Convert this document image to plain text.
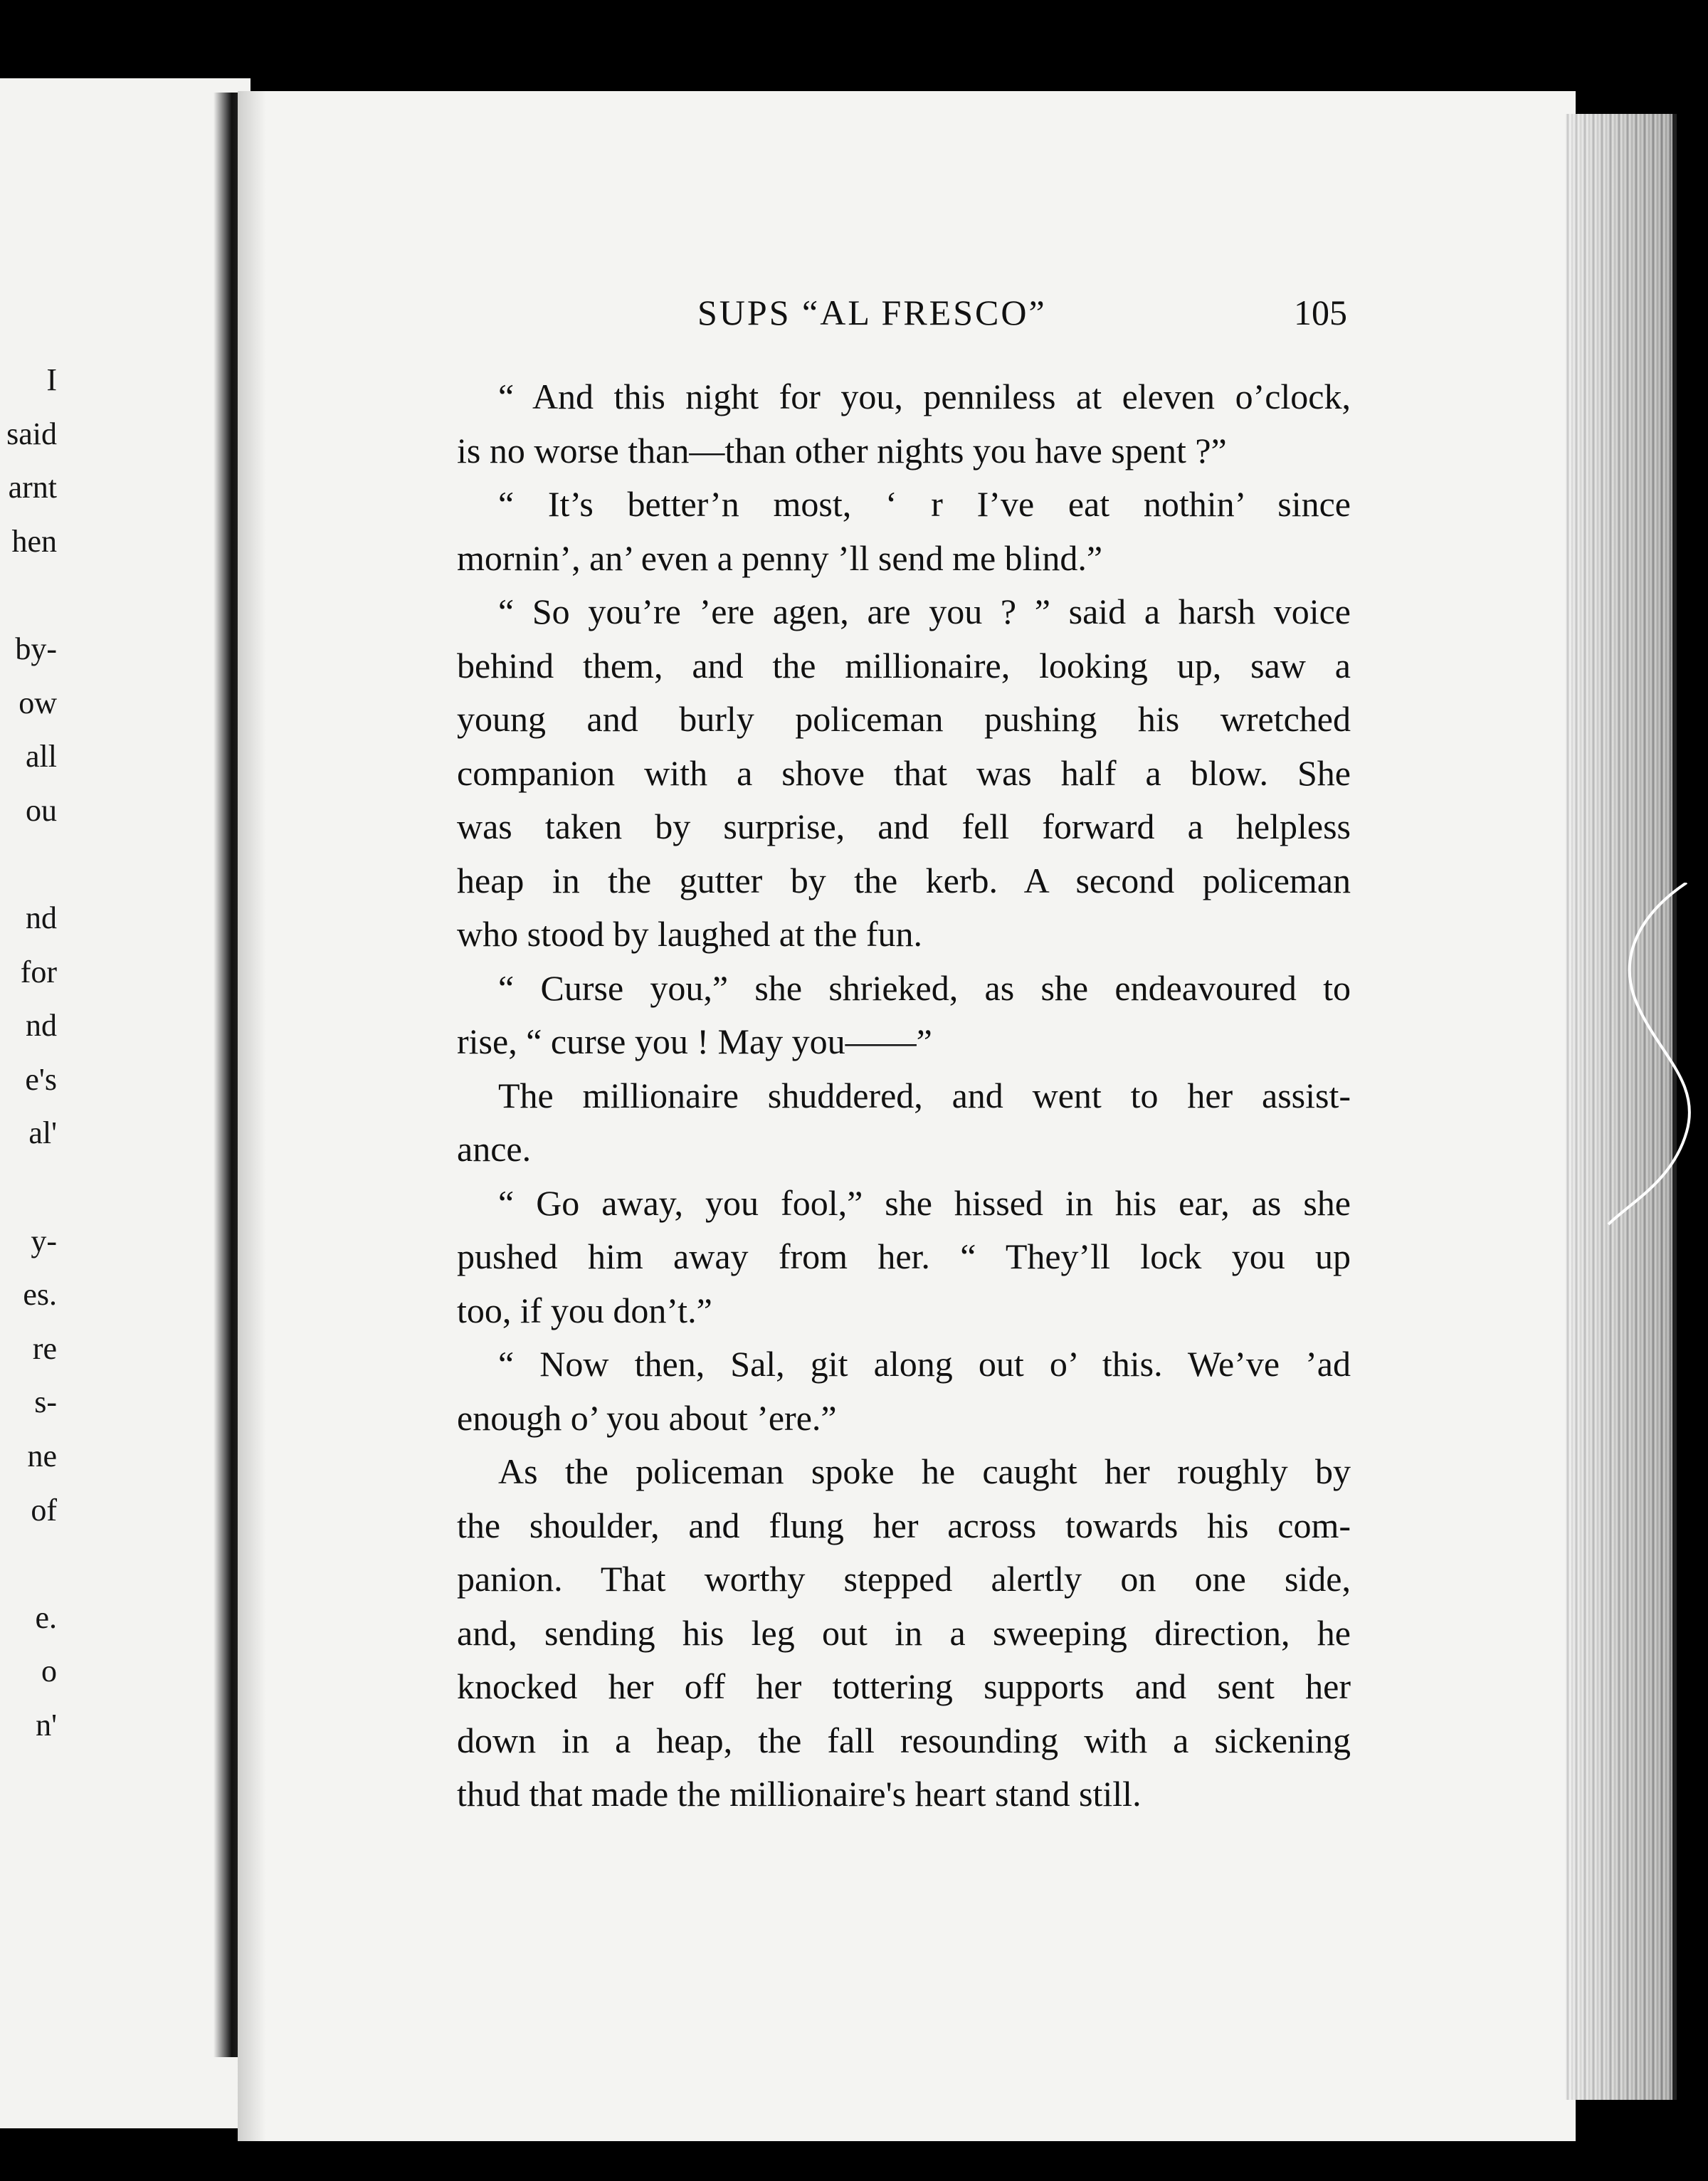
I
said
arnt
hen
by-
ow
all
ou
nd
for
nd
e's
al'
y-
es.
re
s-
ne
of
e.
o
n'
SUPS “AL FRESCO”	105
“ And this night for you, penniless at eleven o’clock,
is no worse than—than other nights you have spent ?”
“ It’s better’n most, ‘ r I’ve eat nothin’ since
mornin’, an’ even a penny ’ll send me blind.”
“ So you’re ’ere agen, are you ? ” said a harsh voice
behind them, and the millionaire, looking up, saw a
young and burly policeman pushing his wretched
companion with a shove that was half a blow. She
was taken by surprise, and fell forward a helpless
heap in the gutter by the kerb. A second policeman
who stood by laughed at the fun.
“ Curse you,” she shrieked, as she endeavoured to
rise, “ curse you ! May you——”
The millionaire shuddered, and went to her assist-
ance.
“ Go away, you fool,” she hissed in his ear, as she
pushed him away from her. “ They’ll lock you up
too, if you don’t.”
“ Now then, Sal, git along out o’ this. We’ve ’ad
enough o’ you about ’ere.”
As the policeman spoke he caught her roughly by
the shoulder, and flung her across towards his com-
panion. That worthy stepped alertly on one side,
and, sending his leg out in a sweeping direction, he
knocked her off her tottering supports and sent her
down in a heap, the fall resounding with a sickening
thud that made the millionaire's heart stand still.
